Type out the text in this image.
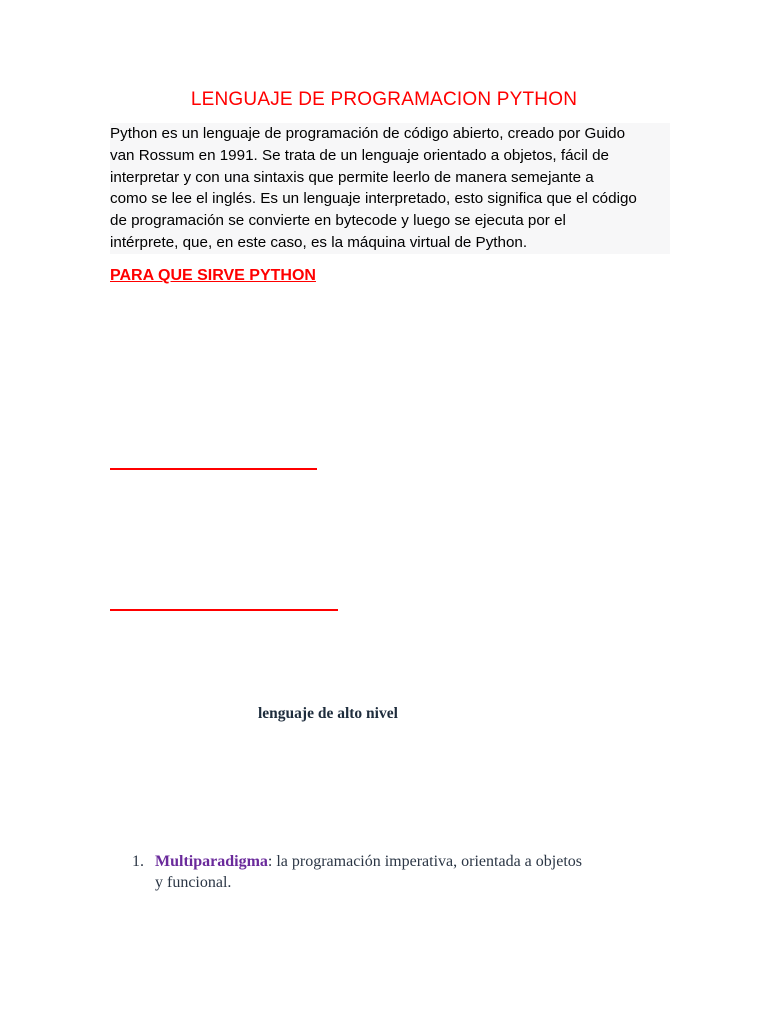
LENGUAJE DE PROGRAMACION PYTHON

Python es un lenguaje de programación de código abierto, creado por Guido
van Rossum en 1991. Se trata de un lenguaje orientado a objetos, fácil de
interpretar y con una sintaxis que permite leerlo de manera semejante a
como se lee el inglés. Es un lenguaje interpretado, esto significa que el código
de programación se convierte en bytecode y luego se ejecuta por el
intérprete, que, en este caso, es la máquina virtual de Python.

PARA QUE SIRVE PYTHON
lenguaje de alto nivel
1. Multiparadigma: la programación imperativa, orientada a objetos
y funcional.
